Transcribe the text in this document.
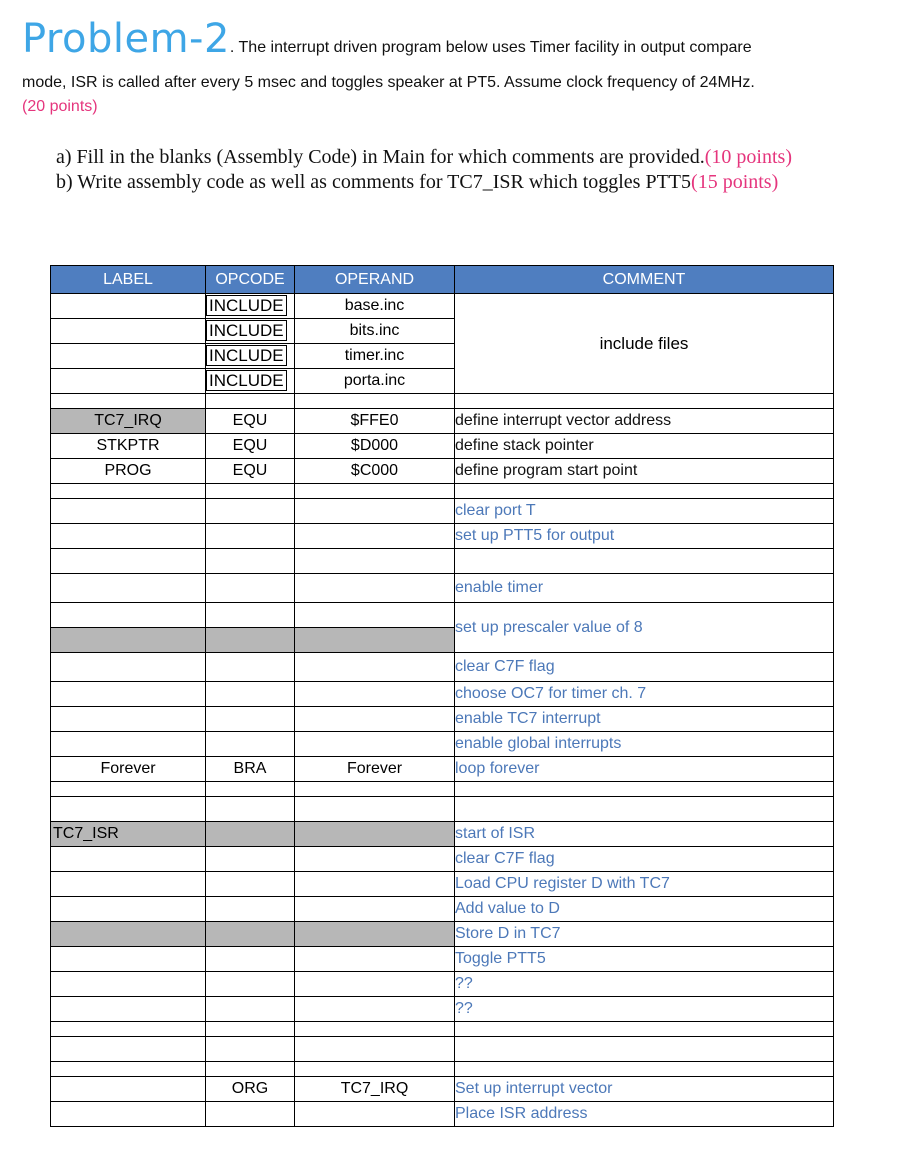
Problem-2. The interrupt driven program below uses Timer facility in output compare
mode, ISR is called after every 5 msec and toggles speaker at PT5. Assume clock frequency of 24MHz.
(20 points)
a) Fill in the blanks (Assembly Code) in Main for which comments are provided.(10 points)
b) Write assembly code as well as comments for TC7_ISR which toggles PTT5(15 points)
LABEL	OPCODE	OPERAND	COMMENT
	INCLUDE	base.inc	include files
	INCLUDE	bits.inc	
	INCLUDE	timer.inc	
	INCLUDE	porta.inc	

TC7_IRQ	EQU	$FFE0	define interrupt vector address
STKPTR	EQU	$D000	define stack pointer
PROG	EQU	$C000	define program start point

			clear port T
			set up PTT5 for output

			enable timer
			set up prescaler value of 8

			clear C7F flag
			choose OC7 for timer ch. 7
			enable TC7 interrupt
			enable global interrupts
Forever	BRA	Forever	loop forever

TC7_ISR			start of ISR
			clear C7F flag
			Load CPU register D with TC7
			Add value to D
			Store D in TC7
			Toggle PTT5
			??
			??

	ORG	TC7_IRQ	Set up interrupt vector
			Place ISR address
